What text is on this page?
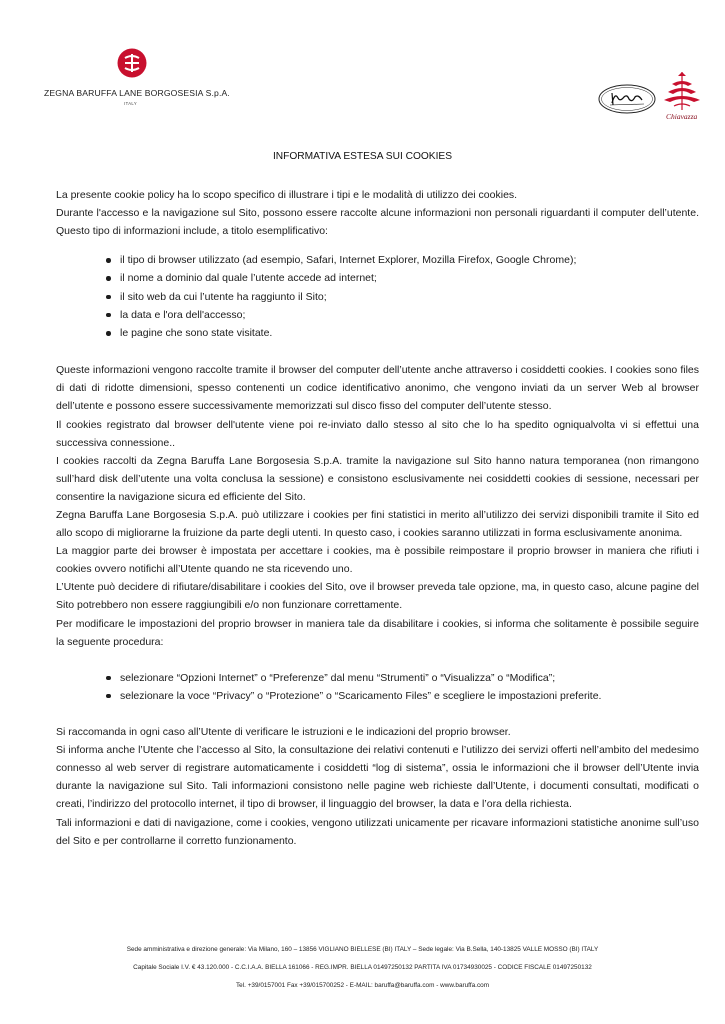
ZEGNA BARUFFA LANE BORGOSESIA S.p.A.
ITALY
Chiavazza
INFORMATIVA ESTESA SUI COOKIES

La presente cookie policy ha lo scopo specifico di illustrare i tipi e le modalità di utilizzo dei cookies.

Durante l'accesso e la navigazione sul Sito, possono essere raccolte alcune informazioni non personali riguardanti il computer dell’utente. Questo tipo di informazioni include, a titolo esemplificativo:

il tipo di browser utilizzato (ad esempio, Safari, Internet Explorer, Mozilla Firefox, Google Chrome);
il nome a dominio dal quale l’utente accede ad internet;
il sito web da cui l’utente ha raggiunto il Sito;
la data e l'ora dell'accesso;
le pagine che sono state visitate.

Queste informazioni vengono raccolte tramite il browser del computer dell’utente anche attraverso i cosiddetti cookies. I cookies sono files di dati di ridotte dimensioni, spesso contenenti un codice identificativo anonimo, che vengono inviati da un server Web al browser dell’utente e possono essere successivamente memorizzati sul disco fisso del computer dell’utente stesso.

Il cookies registrato dal browser dell'utente viene poi re-inviato dallo stesso al sito che lo ha spedito ogniqualvolta vi si effettui una successiva connessione..

I cookies raccolti da Zegna Baruffa Lane Borgosesia S.p.A. tramite la navigazione sul Sito hanno natura temporanea (non rimangono sull’hard disk dell’utente una volta conclusa la sessione) e consistono esclusivamente nei cosiddetti cookies di sessione, necessari per consentire la navigazione sicura ed efficiente del Sito.

Zegna Baruffa Lane Borgosesia S.p.A. può utilizzare i cookies per fini statistici in merito all’utilizzo dei servizi disponibili tramite il Sito ed allo scopo di migliorarne la fruizione da parte degli utenti. In questo caso, i cookies saranno utilizzati in forma esclusivamente anonima.

La maggior parte dei browser è impostata per accettare i cookies, ma è possibile reimpostare il proprio browser in maniera che rifiuti i cookies ovvero notifichi all’Utente quando ne sta ricevendo uno.

L’Utente può decidere di rifiutare/disabilitare i cookies del Sito, ove il browser preveda tale opzione, ma, in questo caso, alcune pagine del Sito potrebbero non essere raggiungibili e/o non funzionare correttamente.

Per modificare le impostazioni del proprio browser in maniera tale da disabilitare i cookies, si informa che solitamente è possibile seguire la seguente procedura:

selezionare “Opzioni Internet” o “Preferenze” dal menu “Strumenti” o “Visualizza” o “Modifica”;
selezionare la voce “Privacy” o “Protezione” o “Scaricamento Files” e scegliere le impostazioni preferite.

Si raccomanda in ogni caso all’Utente di verificare le istruzioni e le indicazioni del proprio browser.

Si informa anche l’Utente che l’accesso al Sito, la consultazione dei relativi contenuti e l’utilizzo dei servizi offerti nell’ambito del medesimo connesso al web server di registrare automaticamente i cosiddetti “log di sistema”, ossia le informazioni che il browser dell’Utente invia durante la navigazione sul Sito. Tali informazioni consistono nelle pagine web richieste dall’Utente, i documenti consultati, modificati o creati, l’indirizzo del protocollo internet, il tipo di browser, il linguaggio del browser, la data e l’ora della richiesta.

Tali informazioni e dati di navigazione, come i cookies, vengono utilizzati unicamente per ricavare informazioni statistiche anonime sull’uso del Sito e per controllarne il corretto funzionamento.

Sede amministrativa e direzione generale: Via Milano, 160 – 13856 VIGLIANO BIELLESE (BI) ITALY – Sede legale: Via B.Sella, 140-13825 VALLE MOSSO (BI) ITALY
Capitale Sociale I.V. € 43.120.000 - C.C.I.A.A. BIELLA 161066 - REG.IMPR. BIELLA 01497250132 PARTITA IVA 01734930025 - CODICE FISCALE 01497250132
Tel. +39/0157001 Fax +39/015700252 - E-MAIL: baruffa@baruffa.com - www.baruffa.com
